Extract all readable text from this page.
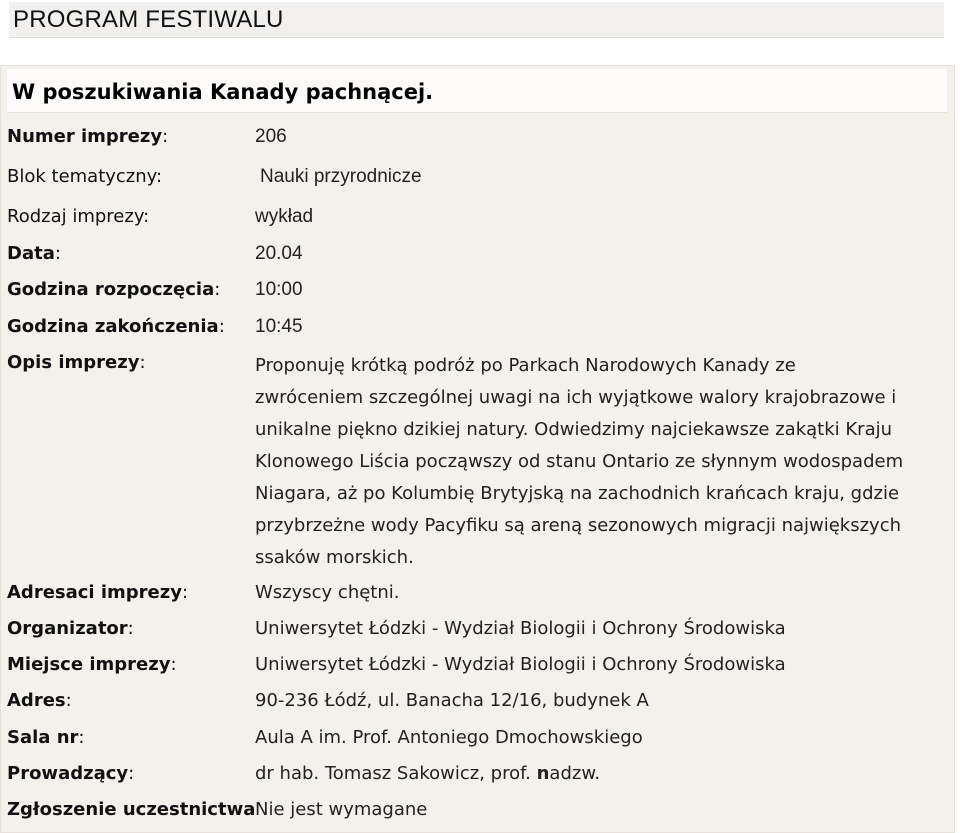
PROGRAM FESTIWALU
W poszukiwania Kanady pachnącej.
Numer imprezy:	206
Blok tematyczny:	Nauki przyrodnicze
Rodzaj imprezy:	wykład
Data:	20.04
Godzina rozpoczęcia: 10:00
Godzina zakończenia: 10:45
Opis imprezy:	Proponuję krótką podróż po Parkach Narodowych Kanady ze
zwróceniem szczególnej uwagi na ich wyjątkowe walory krajobrazowe i
unikalne piękno dzikiej natury. Odwiedzimy najciekawsze zakątki Kraju
Klonowego Liścia począwszy od stanu Ontario ze słynnym wodospadem
Niagara, aż po Kolumbię Brytyjską na zachodnich krańcach kraju, gdzie
przybrzeżne wody Pacyfiku są areną sezonowych migracji największych
ssaków morskich.
Adresaci imprezy:	Wszyscy chętni.
Organizator:	Uniwersytet Łódzki - Wydział Biologii i Ochrony Środowiska
Miejsce imprezy:	Uniwersytet Łódzki - Wydział Biologii i Ochrony Środowiska
Adres:	90-236 Łódź, ul. Banacha 12/16, budynek A
Sala nr:	Aula A im. Prof. Antoniego Dmochowskiego
Prowadzący:	dr hab. Tomasz Sakowicz, prof. nadzw.
Zgłoszenie uczestnictwa Nie jest wymagane
